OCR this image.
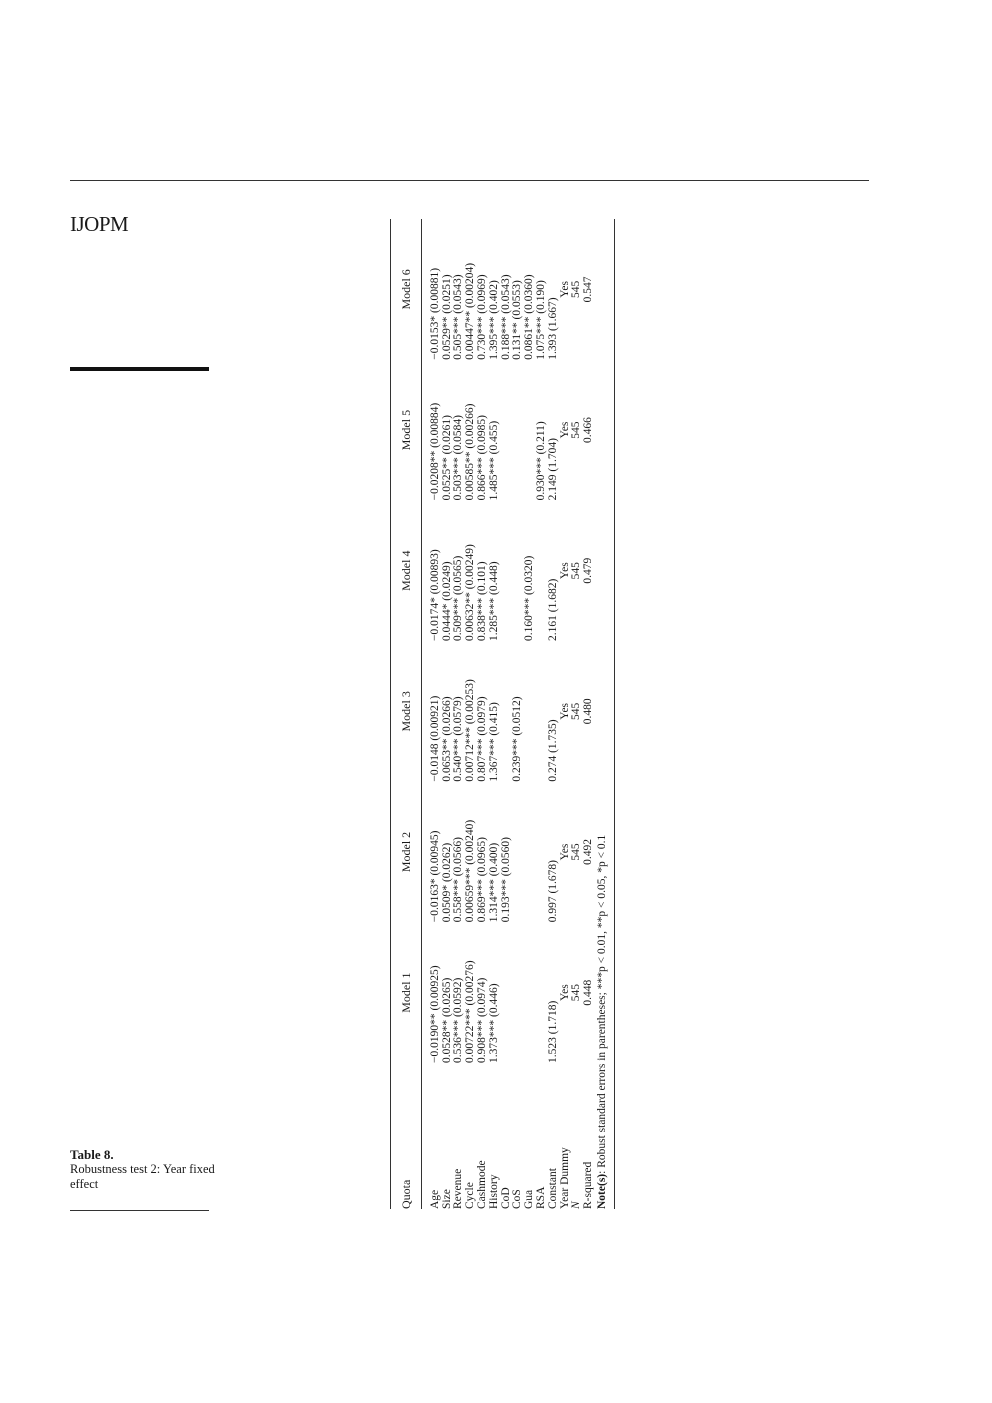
IJOPM
Table 8.
Robustness test 2: Year fixed effect	Quota	Model 1	Model 2	Model 3	Model 4	Model 5	Model 6
Age	−0.0190** (0.00925)	−0.0163* (0.00945)	−0.0148 (0.00921)	−0.0174* (0.00893)	−0.0208** (0.00884)	−0.0153* (0.00881)
Size	0.0528** (0.0265)	0.0509* (0.0262)	0.0653** (0.0266)	0.0444* (0.0249)	0.0525** (0.0261)	0.0529** (0.0251)
Revenue	0.536*** (0.0592)	0.558*** (0.0566)	0.540*** (0.0579)	0.509*** (0.0565)	0.503*** (0.0584)	0.505*** (0.0543)
Cycle	0.00722*** (0.00276)	0.00659*** (0.00240)	0.00712*** (0.00253)	0.00632** (0.00249)	0.00585** (0.00266)	0.00447** (0.00204)
Cashmode	0.908*** (0.0974)	0.869*** (0.0965)	0.807*** (0.0979)	0.838*** (0.101)	0.866*** (0.0985)	0.730*** (0.0969)
History	1.373*** (0.446)	1.314*** (0.400)	1.367*** (0.415)	1.285*** (0.448)	1.485*** (0.455)	1.395*** (0.402)
CoD		0.193*** (0.0560)				0.188*** (0.0543)
CoS			0.239*** (0.0512)			0.131** (0.0553)
Gua				0.160*** (0.0320)		0.0861** (0.0360)
RSA					0.930*** (0.211)	1.075*** (0.190)
Constant	1.523 (1.718)	0.997 (1.678)	0.274 (1.735)	2.161 (1.682)	2.149 (1.704)	1.393 (1.667)
Year Dummy	Yes	Yes	Yes	Yes	Yes	Yes
N	545	545	545	545	545	545
R-squared	0.448	0.492	0.480	0.479	0.466	0.547
Note(s): Robust standard errors in parentheses; ***p < 0.01, **p < 0.05, *p < 0.1						
